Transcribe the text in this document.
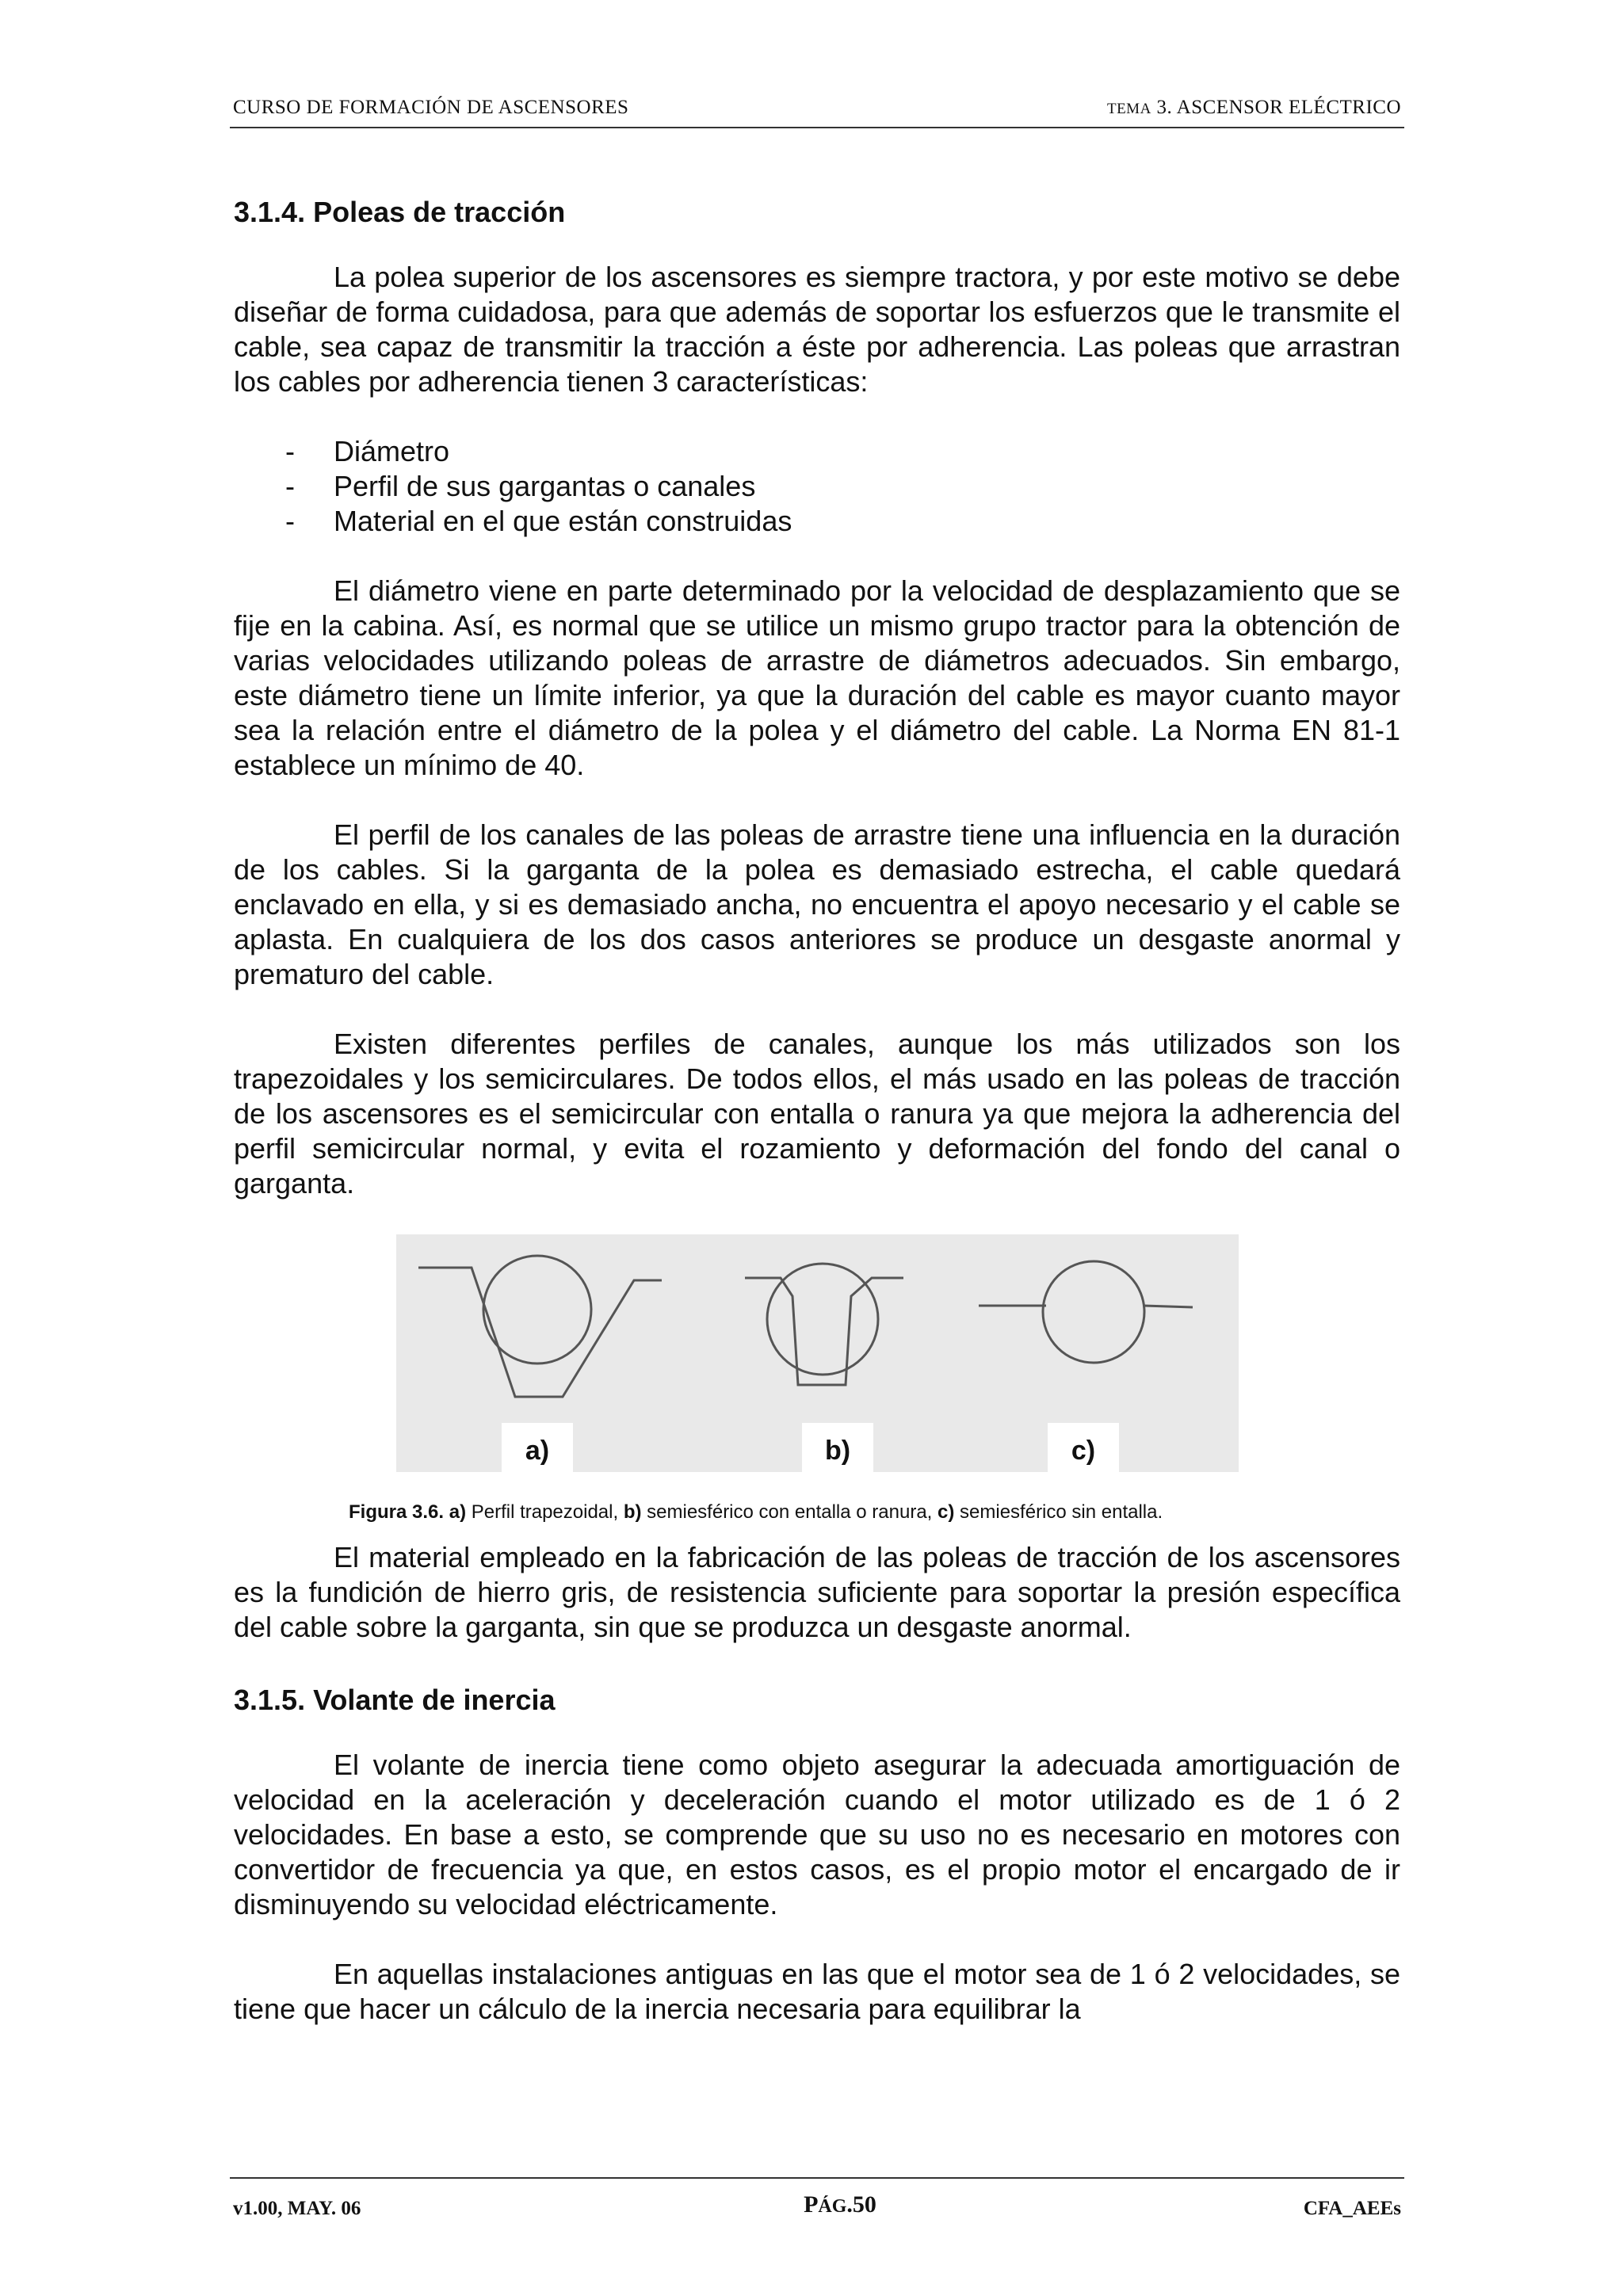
CURSO DE FORMACIÓN DE ASCENSORES	TEMA 3. ASCENSOR ELÉCTRICO
3.1.4. Poleas de tracción

La polea superior de los ascensores es siempre tractora, y por este motivo se debe diseñar de forma cuidadosa, para que además de soportar los esfuerzos que le transmite el cable, sea capaz de transmitir la tracción a éste por adherencia. Las poleas que arrastran los cables por adherencia tienen 3 características:

- Diámetro
- Perfil de sus gargantas o canales
- Material en el que están construidas

El diámetro viene en parte determinado por la velocidad de desplazamiento que se fije en la cabina. Así, es normal que se utilice un mismo grupo tractor para la obtención de varias velocidades utilizando poleas de arrastre de diámetros adecuados. Sin embargo, este diámetro tiene un límite inferior, ya que la duración del cable es mayor cuanto mayor sea la relación entre el diámetro de la polea y el diámetro del cable. La Norma EN 81-1 establece un mínimo de 40.

El perfil de los canales de las poleas de arrastre tiene una influencia en la duración de los cables. Si la garganta de la polea es demasiado estrecha, el cable quedará enclavado en ella, y si es demasiado ancha, no encuentra el apoyo necesario y el cable se aplasta. En cualquiera de los dos casos anteriores se produce un desgaste anormal y prematuro del cable.

Existen diferentes perfiles de canales, aunque los más utilizados son los trapezoidales y los semicirculares. De todos ellos, el más usado en las poleas de tracción de los ascensores es el semicircular con entalla o ranura ya que mejora la adherencia del perfil semicircular normal, y evita el rozamiento y deformación del fondo del canal o garganta.

a)	b)	c)
Figura 3.6. a) Perfil trapezoidal, b) semiesférico con entalla o ranura, c) semiesférico sin entalla.

El material empleado en la fabricación de las poleas de tracción de los ascensores es la fundición de hierro gris, de resistencia suficiente para soportar la presión específica del cable sobre la garganta, sin que se produzca un desgaste anormal.

3.1.5. Volante de inercia

El volante de inercia tiene como objeto asegurar la adecuada amortiguación de velocidad en la aceleración y deceleración cuando el motor utilizado es de 1 ó 2 velocidades. En base a esto, se comprende que su uso no es necesario en motores con convertidor de frecuencia ya que, en estos casos, es el propio motor el encargado de ir disminuyendo su velocidad eléctricamente.

En aquellas instalaciones antiguas en las que el motor sea de 1 ó 2 velocidades, se tiene que hacer un cálculo de la inercia necesaria para equilibrar la

v1.00, MAY. 06	PÁG.50	CFA_AEEs
